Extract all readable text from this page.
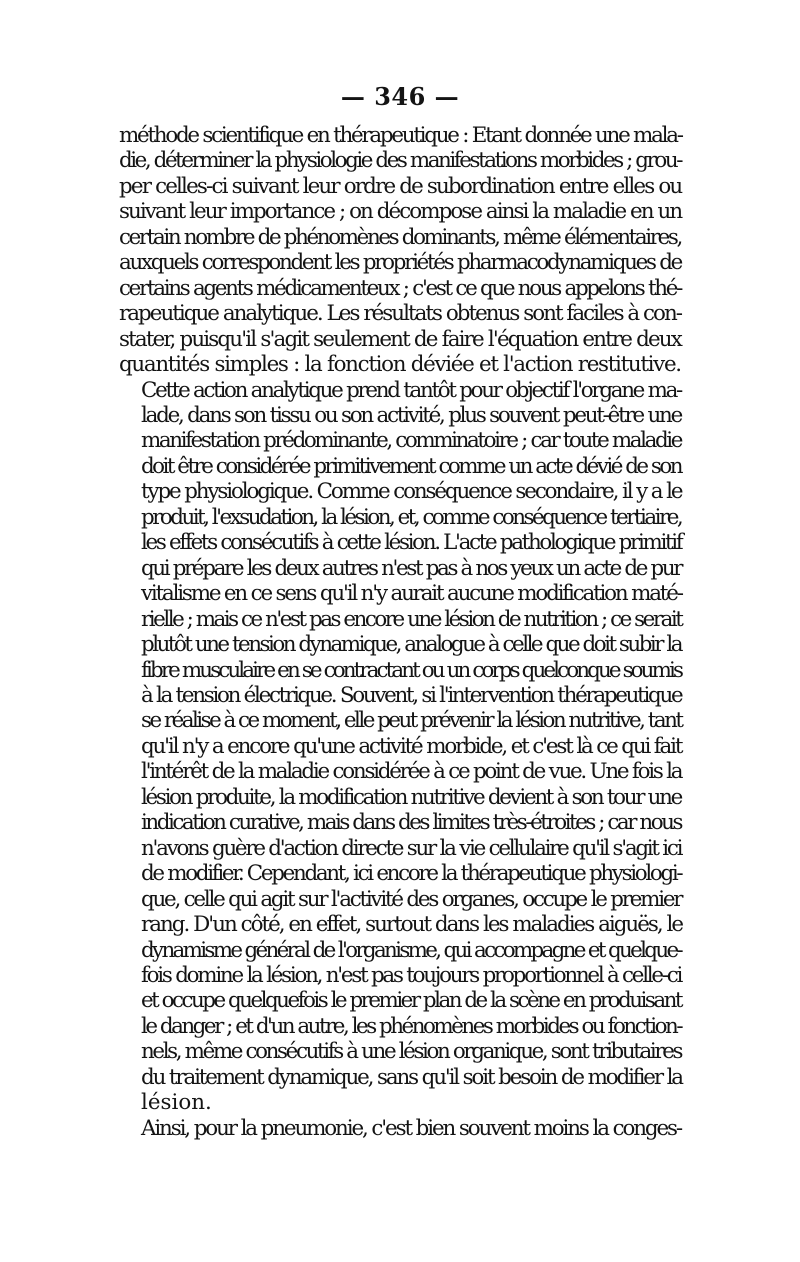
— 346 —

méthode scientifique en thérapeutique : Etant donnée une mala-
die, déterminer la physiologie des manifestations morbides ; grou-
per celles-ci suivant leur ordre de subordination entre elles ou
suivant leur importance ; on décompose ainsi la maladie en un
certain nombre de phénomènes dominants, même élémentaires,
auxquels correspondent les propriétés pharmacodynamiques de
certains agents médicamenteux ; c'est ce que nous appelons thé-
rapeutique analytique. Les résultats obtenus sont faciles à con-
stater, puisqu'il s'agit seulement de faire l'équation entre deux
quantités simples : la fonction déviée et l'action restitutive.

Cette action analytique prend tantôt pour objectif l'organe ma-
lade, dans son tissu ou son activité, plus souvent peut-être une
manifestation prédominante, comminatoire ; car toute maladie
doit être considérée primitivement comme un acte dévié de son
type physiologique. Comme conséquence secondaire, il y a le
produit, l'exsudation, la lésion, et, comme conséquence tertiaire,
les effets consécutifs à cette lésion. L'acte pathologique primitif
qui prépare les deux autres n'est pas à nos yeux un acte de pur
vitalisme en ce sens qu'il n'y aurait aucune modification maté-
rielle ; mais ce n'est pas encore une lésion de nutrition ; ce serait
plutôt une tension dynamique, analogue à celle que doit subir la
fibre musculaire en se contractant ou un corps quelconque soumis
à la tension électrique. Souvent, si l'intervention thérapeutique
se réalise à ce moment, elle peut prévenir la lésion nutritive, tant
qu'il n'y a encore qu'une activité morbide, et c'est là ce qui fait
l'intérêt de la maladie considérée à ce point de vue. Une fois la
lésion produite, la modification nutritive devient à son tour une
indication curative, mais dans des limites très-étroites ; car nous
n'avons guère d'action directe sur la vie cellulaire qu'il s'agit ici
de modifier. Cependant, ici encore la thérapeutique physiologi-
que, celle qui agit sur l'activité des organes, occupe le premier
rang. D'un côté, en effet, surtout dans les maladies aiguës, le
dynamisme général de l'organisme, qui accompagne et quelque-
fois domine la lésion, n'est pas toujours proportionnel à celle-ci
et occupe quelquefois le premier plan de la scène en produisant
le danger ; et d'un autre, les phénomènes morbides ou fonction-
nels, même consécutifs à une lésion organique, sont tributaires
du traitement dynamique, sans qu'il soit besoin de modifier la
lésion.

Ainsi, pour la pneumonie, c'est bien souvent moins la conges-
